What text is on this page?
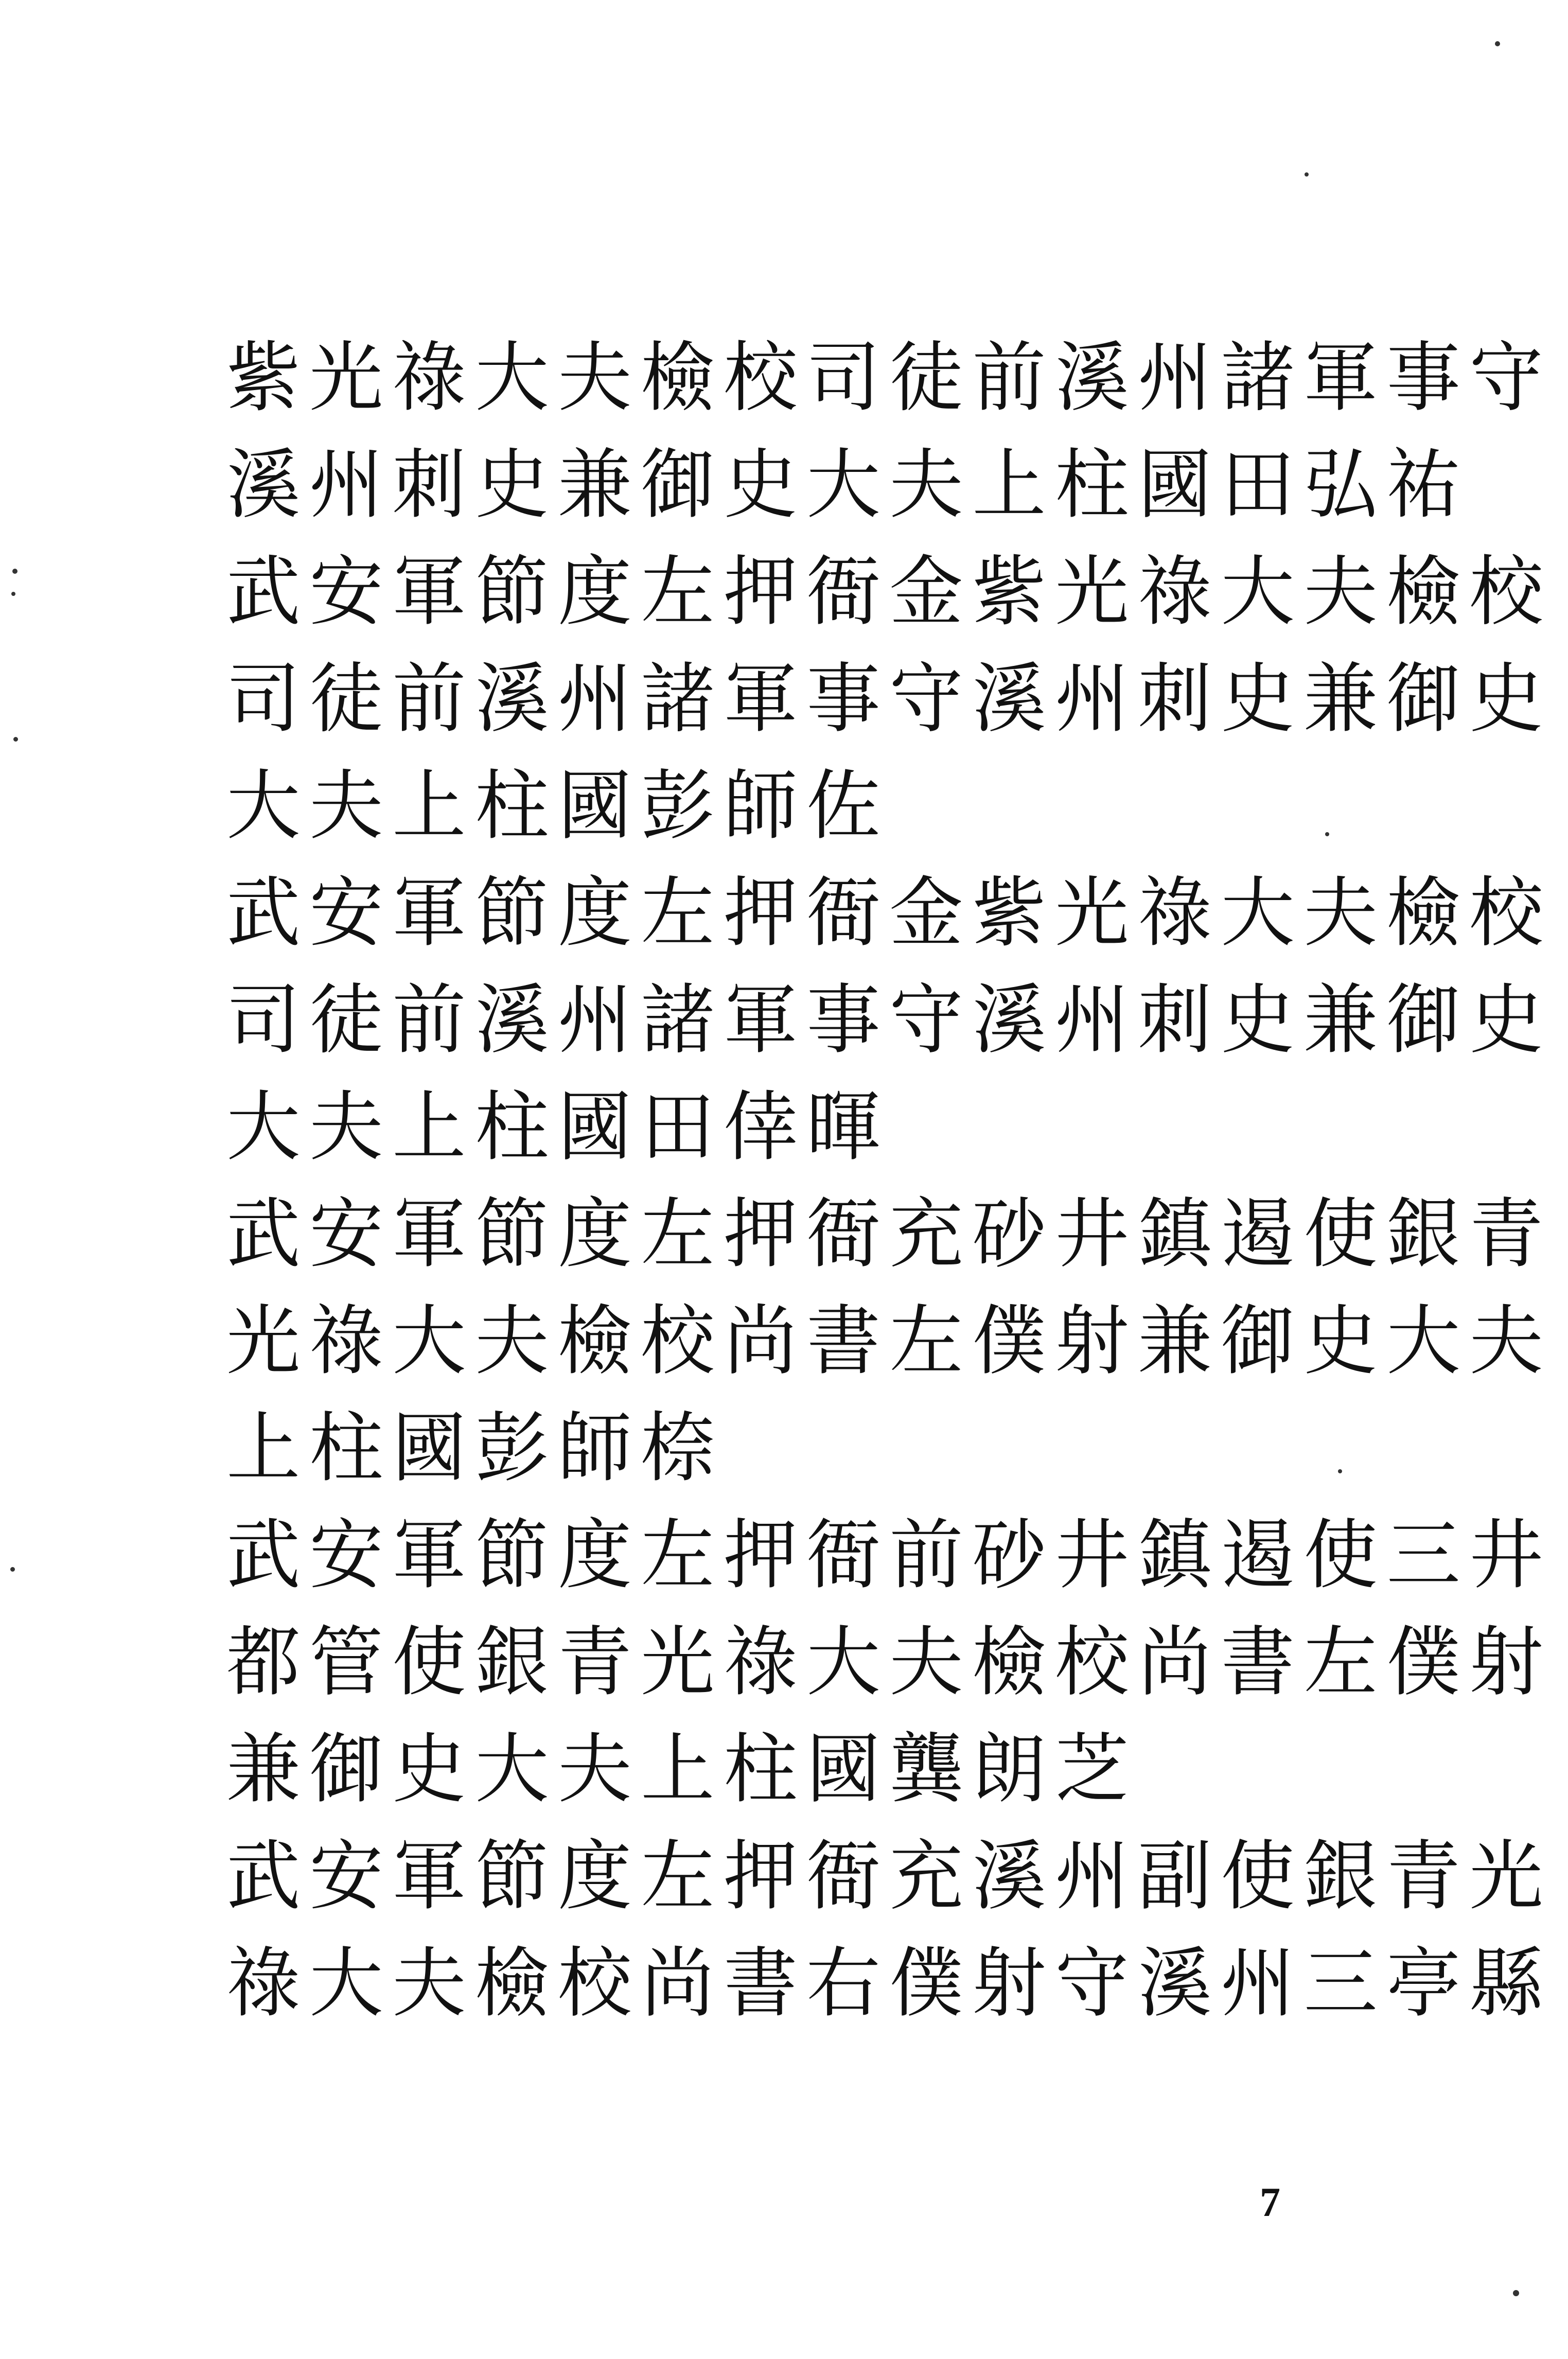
紫光祿大夫檢校司徒前溪州諸軍事守
溪州刺史兼御史大夫上柱國田弘祐
武安軍節度左押衙金紫光祿大夫檢校
司徒前溪州諸軍事守溪州刺史兼御史
大夫上柱國彭師佐
武安軍節度左押衙金紫光祿大夫檢校
司徒前溪州諸軍事守溪州刺史兼御史
大夫上柱國田倖暉
武安軍節度左押衙充砂井鎮遏使銀青
光祿大夫檢校尚書左僕射兼御史大夫
上柱國彭師㮈
武安軍節度左押衙前砂井鎮遏使三井
都管使銀青光祿大夫檢校尚書左僕射
兼御史大夫上柱國龔朗芝
武安軍節度左押衙充溪州副使銀青光
祿大夫檢校尚書右僕射守溪州三亭縣
7
